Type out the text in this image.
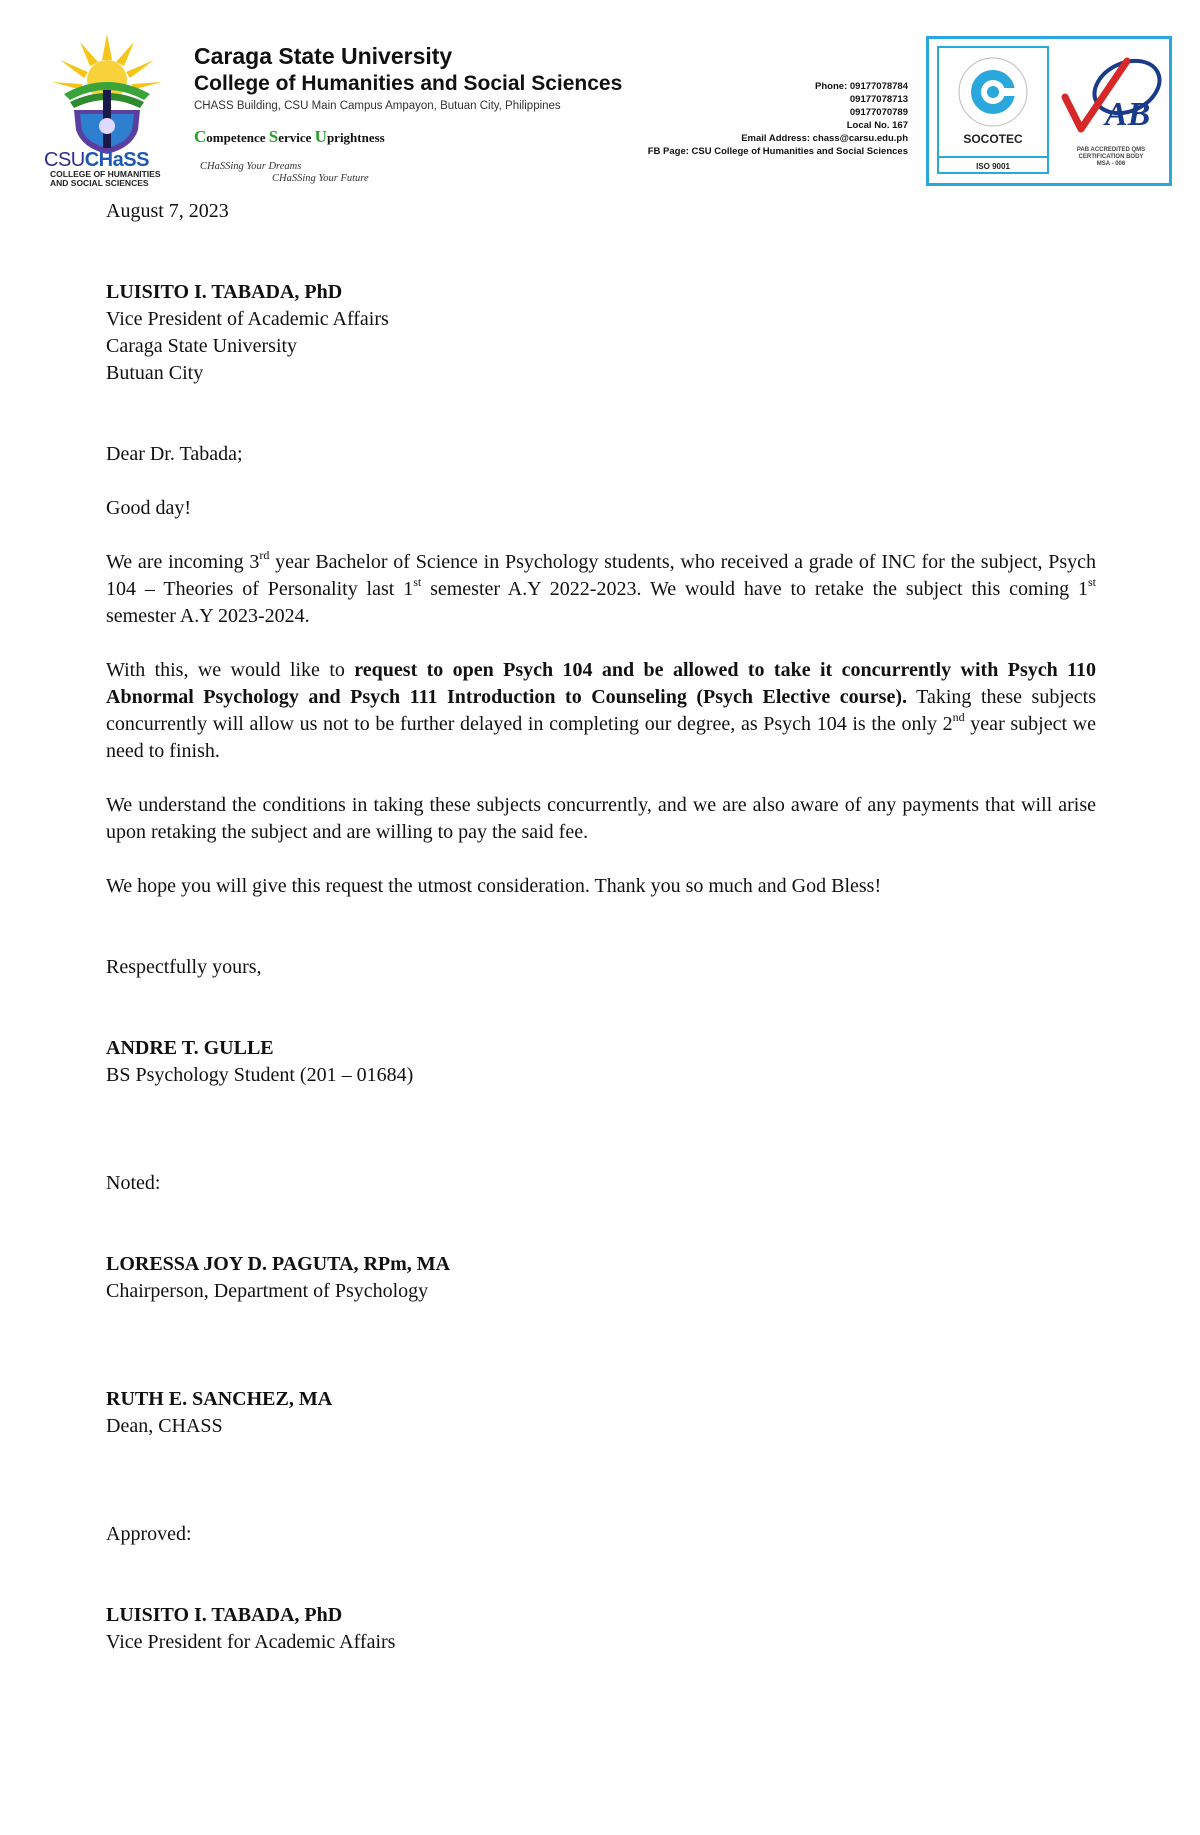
CSUCHaSS
COLLEGE OF HUMANITIES
AND SOCIAL SCIENCES
Caraga State University
College of Humanities and Social Sciences
CHASS Building, CSU Main Campus Ampayon, Butuan City, Philippines
Competence Service Uprightness
CHaSSing Your Dreams
CHaSSing Your Future
Phone: 09177078784
09177078713
09177070789
Local No. 167
Email Address: chass@carsu.edu.ph
FB Page: CSU College of Humanities and Social Sciences
SOCOTEC
ISO 9001
AB
PAB ACCREDITED QMS
CERTIFICATION BODY
MSA - 006

August 7, 2023

LUISITO I. TABADA, PhD

Vice President of Academic Affairs

Caraga State University

Butuan City

Dear Dr. Tabada;

Good day!

We are incoming 3rd year Bachelor of Science in Psychology students, who received a grade of INC for the subject, Psych 104 – Theories of Personality last 1st semester A.Y 2022-2023. We would have to retake the subject this coming 1st semester A.Y 2023-2024.

With this, we would like to request to open Psych 104 and be allowed to take it concurrently with Psych 110 Abnormal Psychology and Psych 111 Introduction to Counseling (Psych Elective course). Taking these subjects concurrently will allow us not to be further delayed in completing our degree, as Psych 104 is the only 2nd year subject we need to finish.

We understand the conditions in taking these subjects concurrently, and we are also aware of any payments that will arise upon retaking the subject and are willing to pay the said fee.

We hope you will give this request the utmost consideration. Thank you so much and God Bless!

Respectfully yours,

ANDRE T. GULLE

BS Psychology Student (201 – 01684)

Noted:

LORESSA JOY D. PAGUTA, RPm, MA

Chairperson, Department of Psychology

RUTH E. SANCHEZ, MA

Dean, CHASS

Approved:

LUISITO I. TABADA, PhD

Vice President for Academic Affairs
